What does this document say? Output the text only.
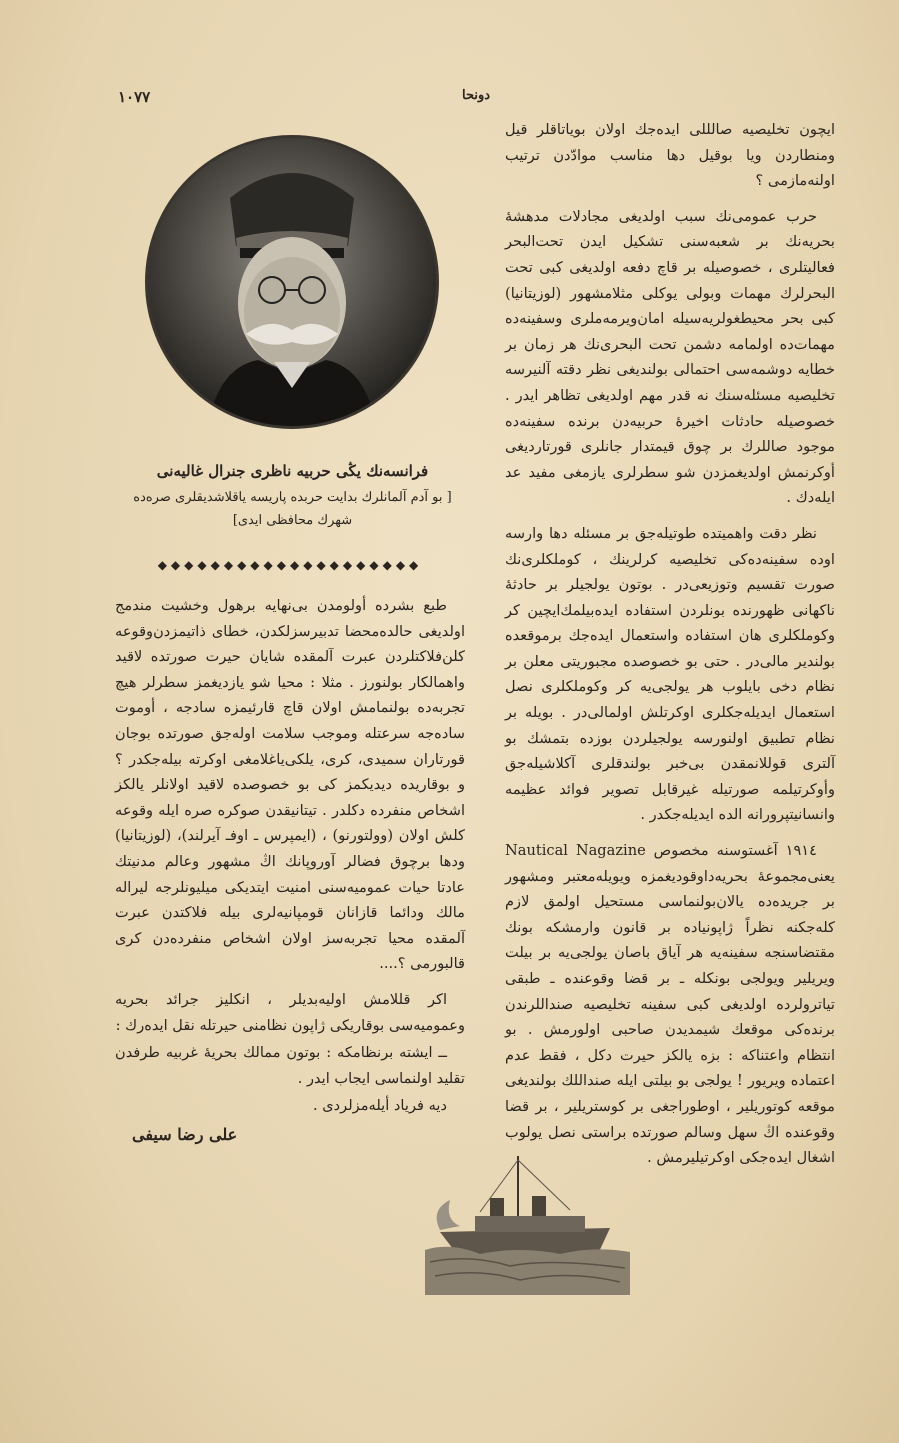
١٠٧٧	دونحا

ايچون تخليصيه صالللى ايده‌جك اولان بوياتاقلر قيل ومنطاردن ويا بوقيل دها مناسب موادّدن ترتيب اولنه‌مازمى ؟

حرب عمومى‌نك سبب اولديغى مجادلات مدهشهٔ بحريه‌نك بر شعبه‌سنى تشكيل ايدن تحت‌البحر فعاليتلرى ، خصوصيله بر قاچ دفعه اولديغى كبى تحت البحرلرك مهمات وبولى يوكلى مثلامشهور (لوزيتانيا) كبى بحر محيطغولريه‌سيله امان‌ويرمه‌ملرى وسفينه‌ده مهمات‌ده اولمامه دشمن تحت البحرى‌نك هر زمان بر خطايه دوشمه‌سى احتمالى بولنديغى نظر دقته آلنيرسه تخليصيه مسئله‌سنك نه قدر مهم اولديغى تظاهر ايدر . خصوصيله حادثات اخيرهٔ حربيه‌دن برنده سفينه‌ده موجود صاللرك بر چوق قيمتدار جانلرى قورتارديغى أوكرنمش اولديغمزدن شو سطرلرى يازمغى مفيد عد ايله‌دك .

نظر دقت واهميتده طوتيله‌جق بر مسئله دها وارسه اوده سفينه‌ده‌كى تخليصيه كرلرينك ، كوملكلرى‌نك صورت تقسيم وتوزيعى‌در . بوتون يولجيلر بر حادثهٔ ناكهانى ظهورنده بونلردن استفاده ايده‌بيلمك‌ايچين كر وكوملكلرى هان استفاده واستعمال ايده‌جك برموقعده بولندير مالى‌در . حتى بو خصوصده مجبوريتى معلن بر نظام دخى بايلوب هر يولجى‌يه كر وكوملكلرى نصل استعمال ايديله‌جكلرى اوكرتلش اولمالى‌در . بويله بر نظام تطبيق اولنورسه يولجيلردن بوزده بتمشك بو آلترى قوللانمقدن بى‌خبر بولندقلرى آكلاشيله‌جق وأوكرتيلمه صورتيله غيرقابل تصوير فوائد عظيمه وانسانيتپرورانه الده ايديله‌جكدر .

١٩١٤ آغستوسنه مخصوص Nautical Nagazine يعنى‌مجموعهٔ بحريه‌داوقوديغمزه ويويله‌معتبر ومشهور بر جريده‌ده يالان‌بولنماسى مستحيل اولمق لازم كله‌جكنه نظراً ژاپونياده بر قانون وارمشكه بونك مقتضاسنجه سفينه‌يه هر آياق باصان يولجى‌يه بر بيلت ويريلير ويولجى بونكله ـ بر قضا وقوعنده ـ طبقى تياترولرده اولديغى كبى سفينه تخليصيه صنداللرندن برنده‌كى موقعك شيمديدن صاحبى اولورمش . بو انتظام واعتناكه : بزه يالكز حيرت دكل ، فقط عدم اعتماده ويريور ! يولجى بو بيلتى ايله صنداللك بولنديغى موقعه كوتوريلير ، اوطوراجغى بر كوستريلير ، بر قضا وقوعنده اڭ سهل وسالم صورتده براستى نصل يولوب اشغال ايده‌جكى اوكرتيليرمش .

فرانسه‌نك يڭى حربيه ناظرى جنرال غاليه‌نى
[ بو آدم آلمانلرك بدايت حربده پاريسه ياقلاشديقلرى صره‌ده شهرك محافظى ايدى]
◆◆◆◆◆◆◆◆◆◆◆◆◆◆◆◆◆◆◆◆

طبع بشرده أولومدن بى‌نهايه برهول وخشيت مندمج اولديغى حالده‌محضا تدبيرسزلكدن، خطاى ذاتيمزدن‌وقوعه كلن‌فلاكتلردن عبرت آلمقده شايان حيرت صورتده لاقيد واهمالكار بولنورز . مثلا : محيا شو يازديغمز سطرلر هيچ تجربه‌ده بولنمامش اولان قاچ قارئيمزه سادجه ، أوموت ساده‌جه سرعتله وموجب سلامت اوله‌جق صورتده بوجان قورتاران سميدى، كرى، يلكى‌ياغلامغى اوكرته بيله‌جكدر ؟ و بوقاريده ديديكمز كى بو خصوصده لاقيد اولانلر يالكز اشخاص منفرده دكلدر . تيتانيقدن صوكره صره ايله وقوعه كلش اولان (وولتورنو) ، (ايمپرس ـ اوفـ آيرلند)، (لوزيتانيا) ودها برچوق فضالر آوروپانك اڭ مشهور وعالم مدنيتك عادتا حيات عموميه‌سنى امنيت ايتديكى ميليونلرجه ليراله مالك ودائما قازانان قومپانيه‌لرى بيله فلاكتدن عبرت آلمقده محيا تجربه‌سز اولان اشخاص منفرده‌دن كرى قالبورمى ؟....

اكر قللامش اوليه‌بديلر ، انكليز جرائد بحريه وعموميه‌سى بوقاريكى ژاپون نظامنى حيرتله نقل ايده‌رك :

ــ ايشته برنظامكه : بوتون ممالك بحريهٔ غربيه طرفدن تقليد اولنماسى ايجاب ايدر .

ديه فرياد أيله‌مزلردى .

على رضا سيفى
